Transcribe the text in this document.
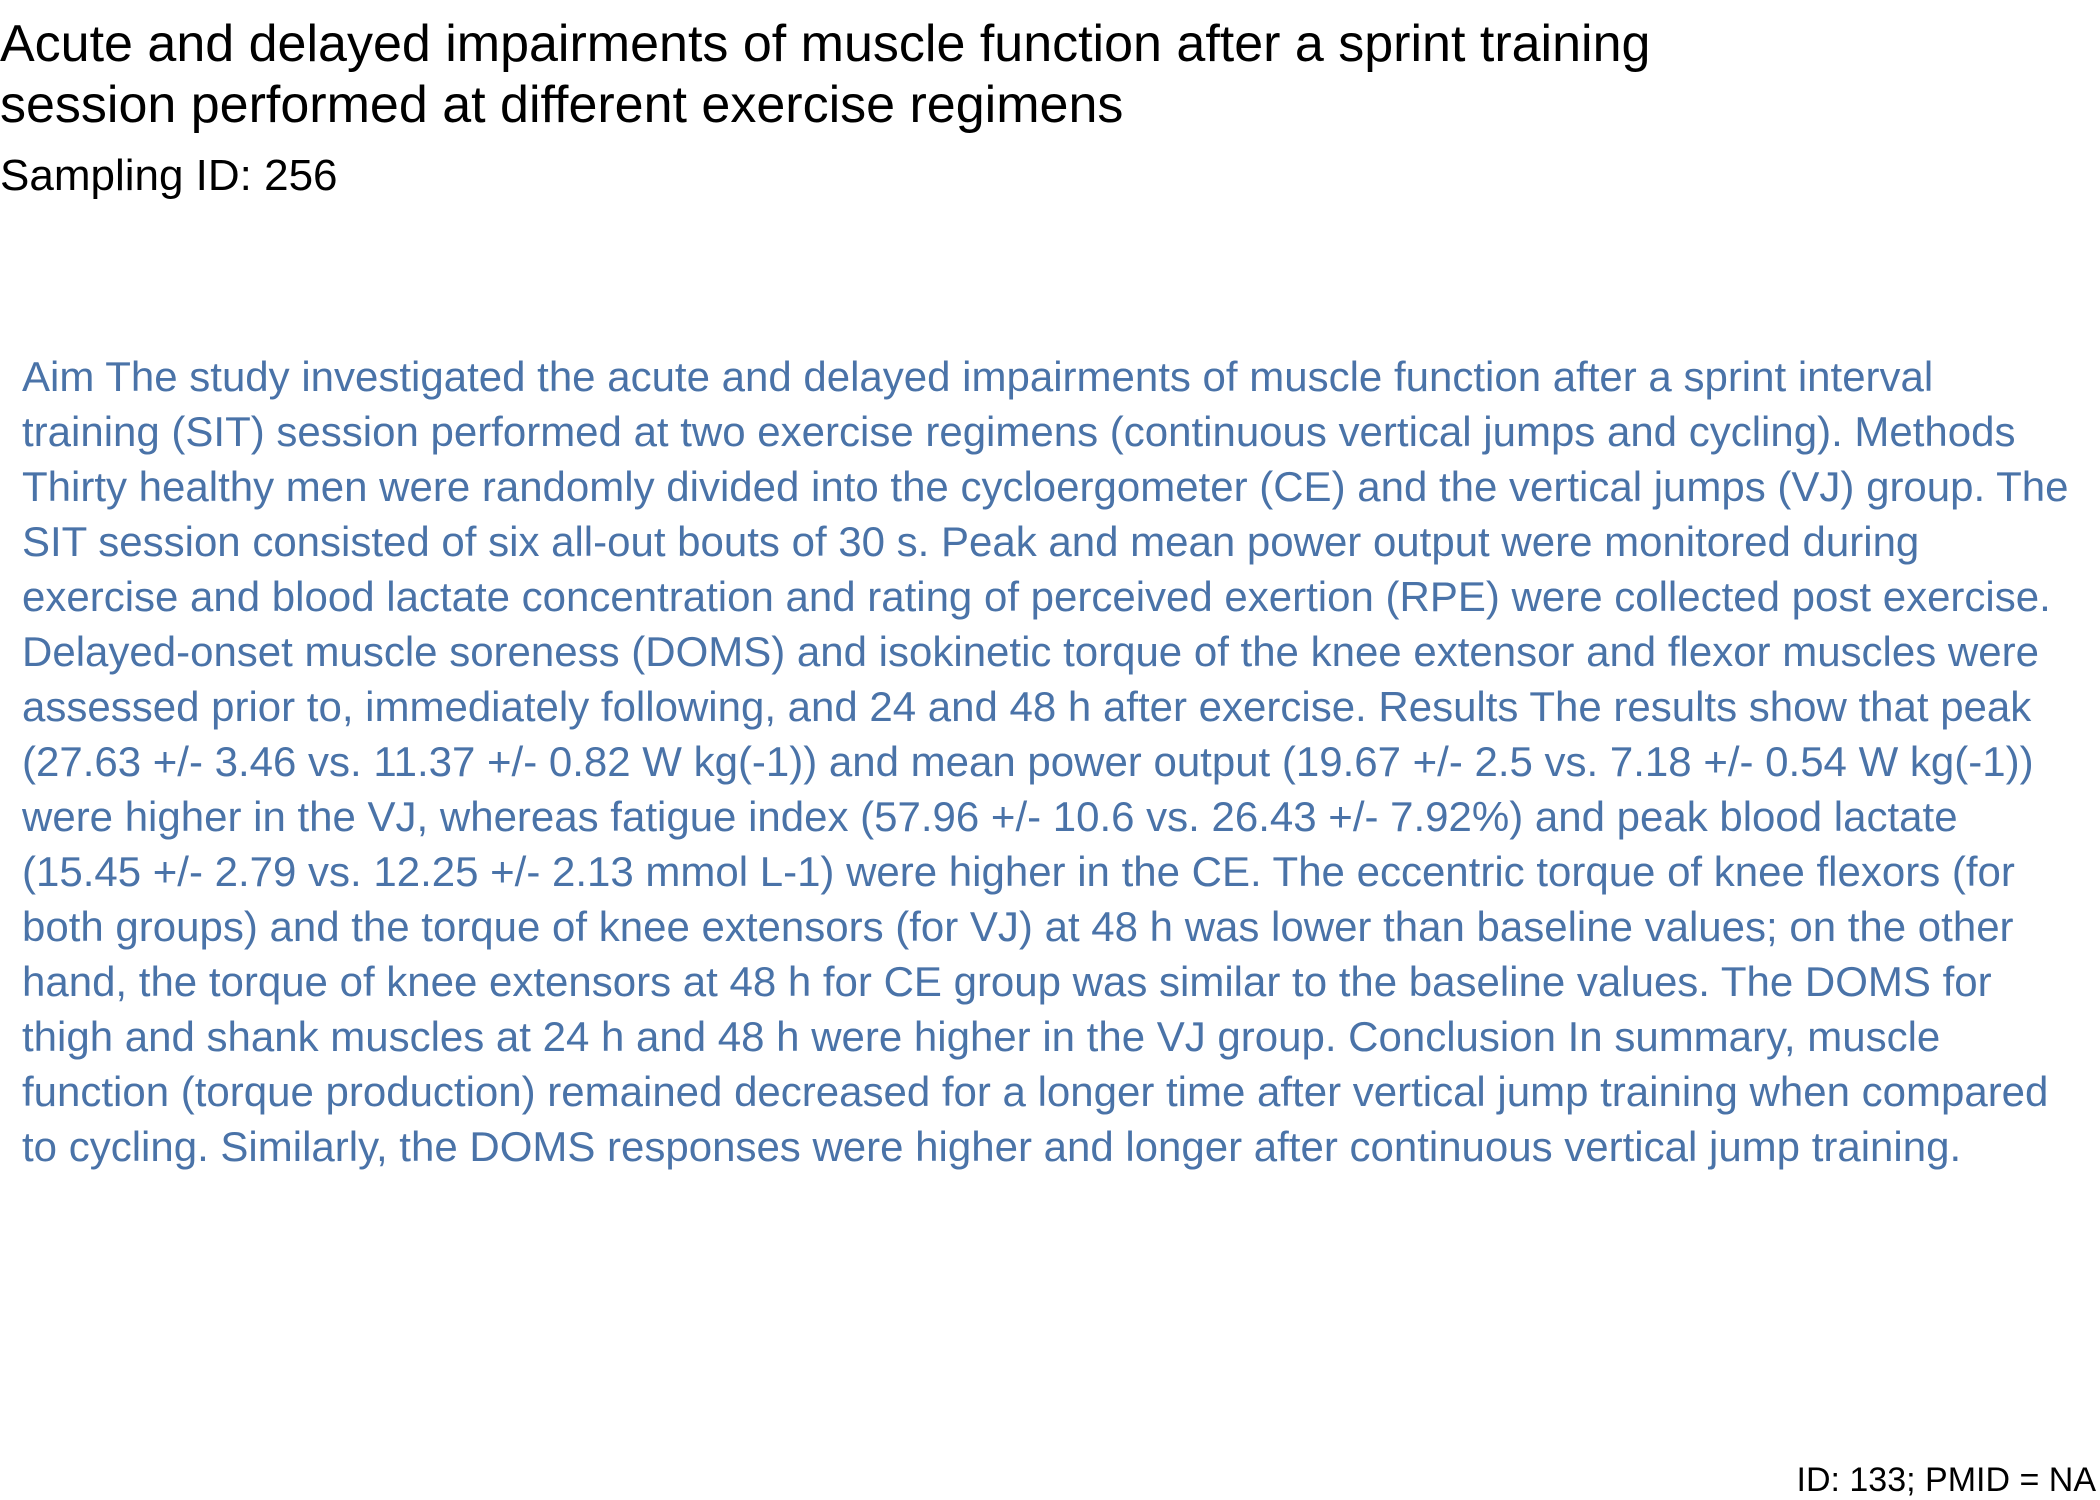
Acute and delayed impairments of muscle function after a sprint training session performed at different exercise regimens
Sampling ID: 256

Aim The study investigated the acute and delayed impairments of muscle function after a sprint interval training (SIT) session performed at two exercise regimens (continuous vertical jumps and cycling). Methods Thirty healthy men were randomly divided into the cycloergometer (CE) and the vertical jumps (VJ) group. The SIT session consisted of six all-out bouts of 30 s. Peak and mean power output were monitored during exercise and blood lactate concentration and rating of perceived exertion (RPE) were collected post exercise. Delayed-onset muscle soreness (DOMS) and isokinetic torque of the knee extensor and flexor muscles were assessed prior to, immediately following, and 24 and 48 h after exercise. Results The results show that peak (27.63 +/- 3.46 vs. 11.37 +/- 0.82 W kg(-1)) and mean power output (19.67 +/- 2.5 vs. 7.18 +/- 0.54 W kg(-1)) were higher in the VJ, whereas fatigue index (57.96 +/- 10.6 vs. 26.43 +/- 7.92%) and peak blood lactate (15.45 +/- 2.79 vs. 12.25 +/- 2.13 mmol L-1) were higher in the CE. The eccentric torque of knee flexors (for both groups) and the torque of knee extensors (for VJ) at 48 h was lower than baseline values; on the other hand, the torque of knee extensors at 48 h for CE group was similar to the baseline values. The DOMS for thigh and shank muscles at 24 h and 48 h were higher in the VJ group. Conclusion In summary, muscle function (torque production) remained decreased for a longer time after vertical jump training when compared to cycling. Similarly, the DOMS responses were higher and longer after continuous vertical jump training.

ID: 133; PMID = NA
